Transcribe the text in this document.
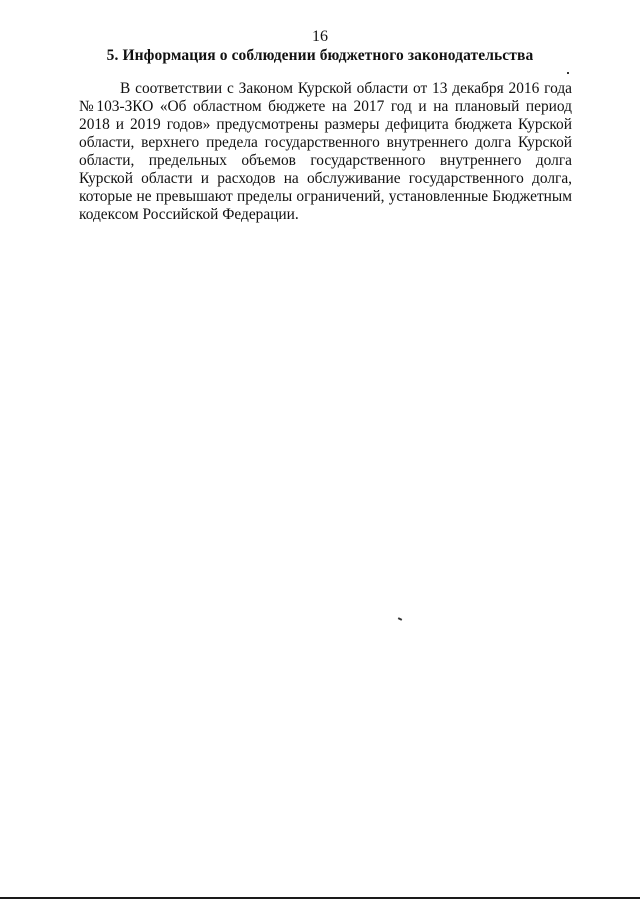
16
5. Информация о соблюдении бюджетного законодательства

В соответствии с Законом Курской области от 13 декабря 2016 года №103-ЗКО «Об областном бюджете на 2017 год и на плановый период 2018 и 2019 годов» предусмотрены размеры дефицита бюджета Курской области, верхнего предела государственного внутреннего долга Курской области, предельных объемов государственного внутреннего долга Курской области и расходов на обслуживание государственного долга, которые не превышают пределы ограничений, установленные Бюджетным кодексом Российской Федерации.
